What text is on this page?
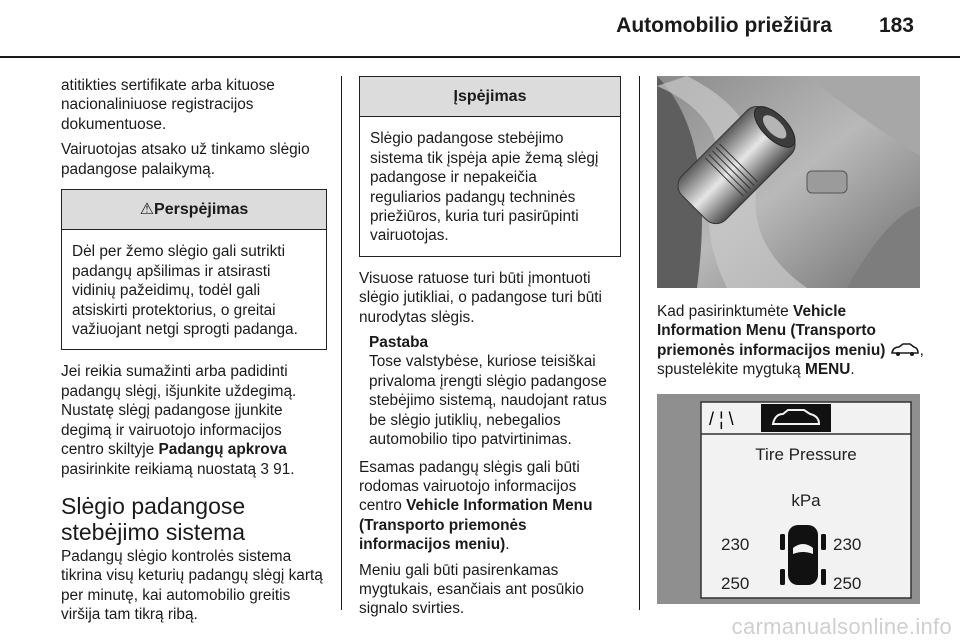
Automobilio priežiūra 183

atitikties sertifikate arba kituose nacionaliniuose registracijos dokumentuose.

Vairuotojas atsako už tinkamo slėgio padangose palaikymą.

⚠Perspėjimas

Dėl per žemo slėgio gali sutrikti padangų apšilimas ir atsirasti vidinių pažeidimų, todėl gali atsiskirti protektorius, o greitai važiuojant netgi sprogti padanga.

Jei reikia sumažinti arba padidinti padangų slėgį, išjunkite uždegimą. Nustatę slėgį padangose įjunkite degimą ir vairuotojo informacijos centro skiltyje Padangų apkrova pasirinkite reikiamą nuostatą 3 91.

Slėgio padangose stebėjimo sistema

Padangų slėgio kontrolės sistema tikrina visų keturių padangų slėgį kartą per minutę, kai automobilio greitis viršija tam tikrą ribą.

Įspėjimas

Slėgio padangose stebėjimo sistema tik įspėja apie žemą slėgį padangose ir nepakeičia reguliarios padangų techninės priežiūros, kuria turi pasirūpinti vairuotojas.

Visuose ratuose turi būti įmontuoti slėgio jutikliai, o padangose turi būti nurodytas slėgis.

Pastaba
Tose valstybėse, kuriose teisiškai privaloma įrengti slėgio padangose stebėjimo sistemą, naudojant ratus be slėgio jutiklių, nebegalios automobilio tipo patvirtinimas.

Esamas padangų slėgis gali būti rodomas vairuotojo informacijos centro Vehicle Information Menu (Transporto priemonės informacijos meniu).

Meniu gali būti pasirenkamas mygtukais, esančiais ant posūkio signalo svirties.

Kad pasirinktumėte Vehicle Information Menu (Transporto priemonės informacijos meniu) , spustelėkite mygtuką MENU.

/ ¦ \
Tire Pressure
kPa
230	230
250	250
carmanualsonline.info
